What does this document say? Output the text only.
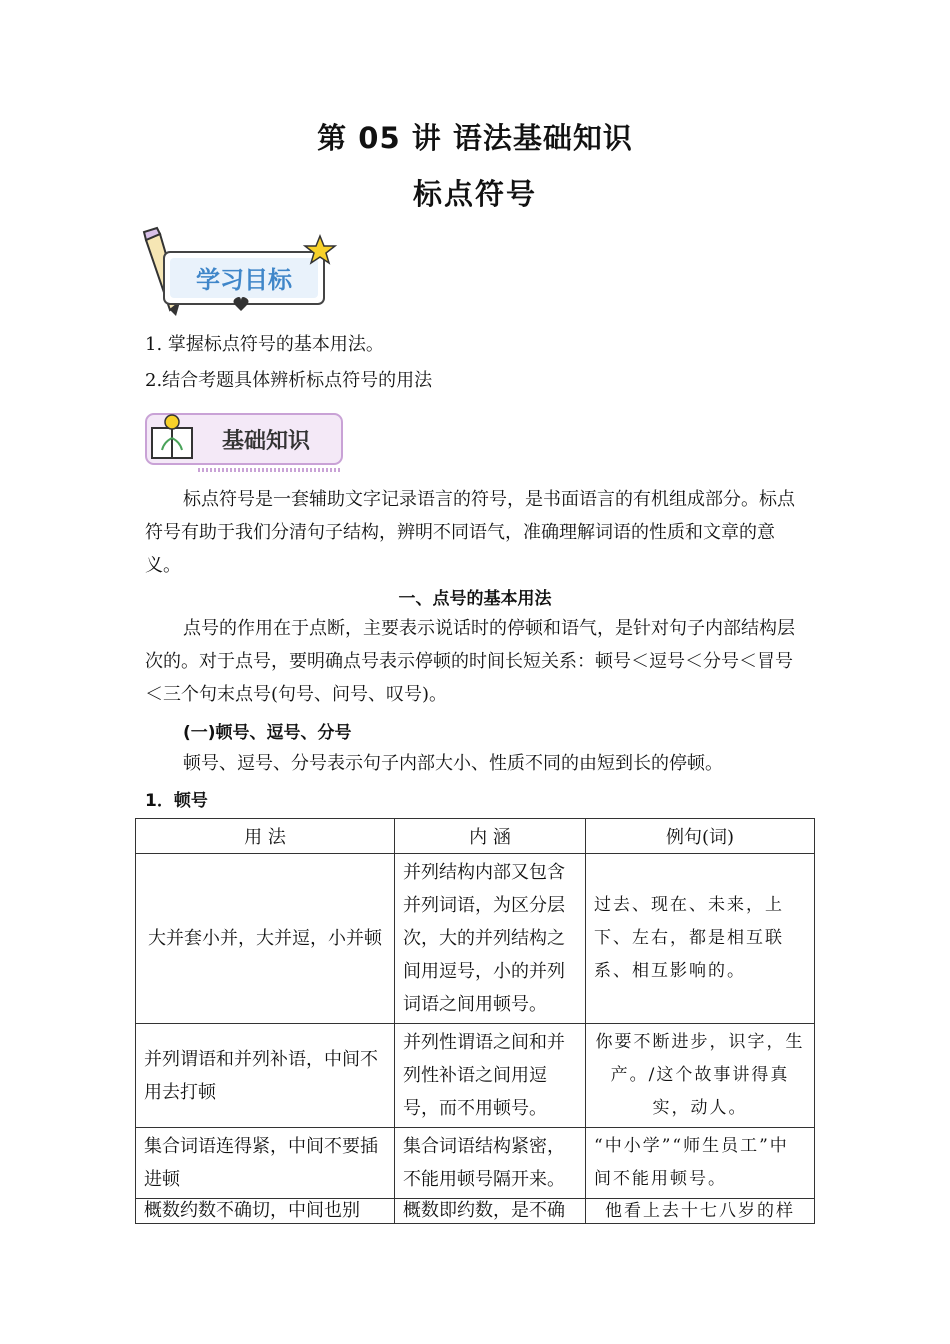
第 05 讲 语法基础知识
标点符号
学习目标
1. 掌握标点符号的基本用法。
2.结合考题具体辨析标点符号的用法
基础知识
标点符号是一套辅助文字记录语言的符号，是书面语言的有机组成部分。标点符号有助于我们分清句子结构，辨明不同语气，准确理解词语的性质和文章的意义。
一、点号的基本用法
点号的作用在于点断，主要表示说话时的停顿和语气，是针对句子内部结构层次的。对于点号，要明确点号表示停顿的时间长短关系：顿号＜逗号＜分号＜冒号＜三个句末点号(句号、问号、叹号)。
(一)顿号、逗号、分号
顿号、逗号、分号表示句子内部大小、性质不同的由短到长的停顿。
1．顿号
用 法	内 涵	例句(词)
大并套小并，大并逗，小并顿	并列结构内部又包含并列词语，为区分层次，大的并列结构之间用逗号，小的并列词语之间用顿号。	过去、现在、未来，上下、左右，都是相互联系、相互影响的。
并列谓语和并列补语，中间不用去打顿	并列性谓语之间和并列性补语之间用逗号，而不用顿号。	你要不断进步，识字，生产。/这个故事讲得真实，动人。
集合词语连得紧，中间不要插进顿	集合词语结构紧密，不能用顿号隔开来。	“中小学”“师生员工”中间不能用顿号。
概数约数不确切，中间也别	概数即约数，是不确	他看上去十七八岁的样
